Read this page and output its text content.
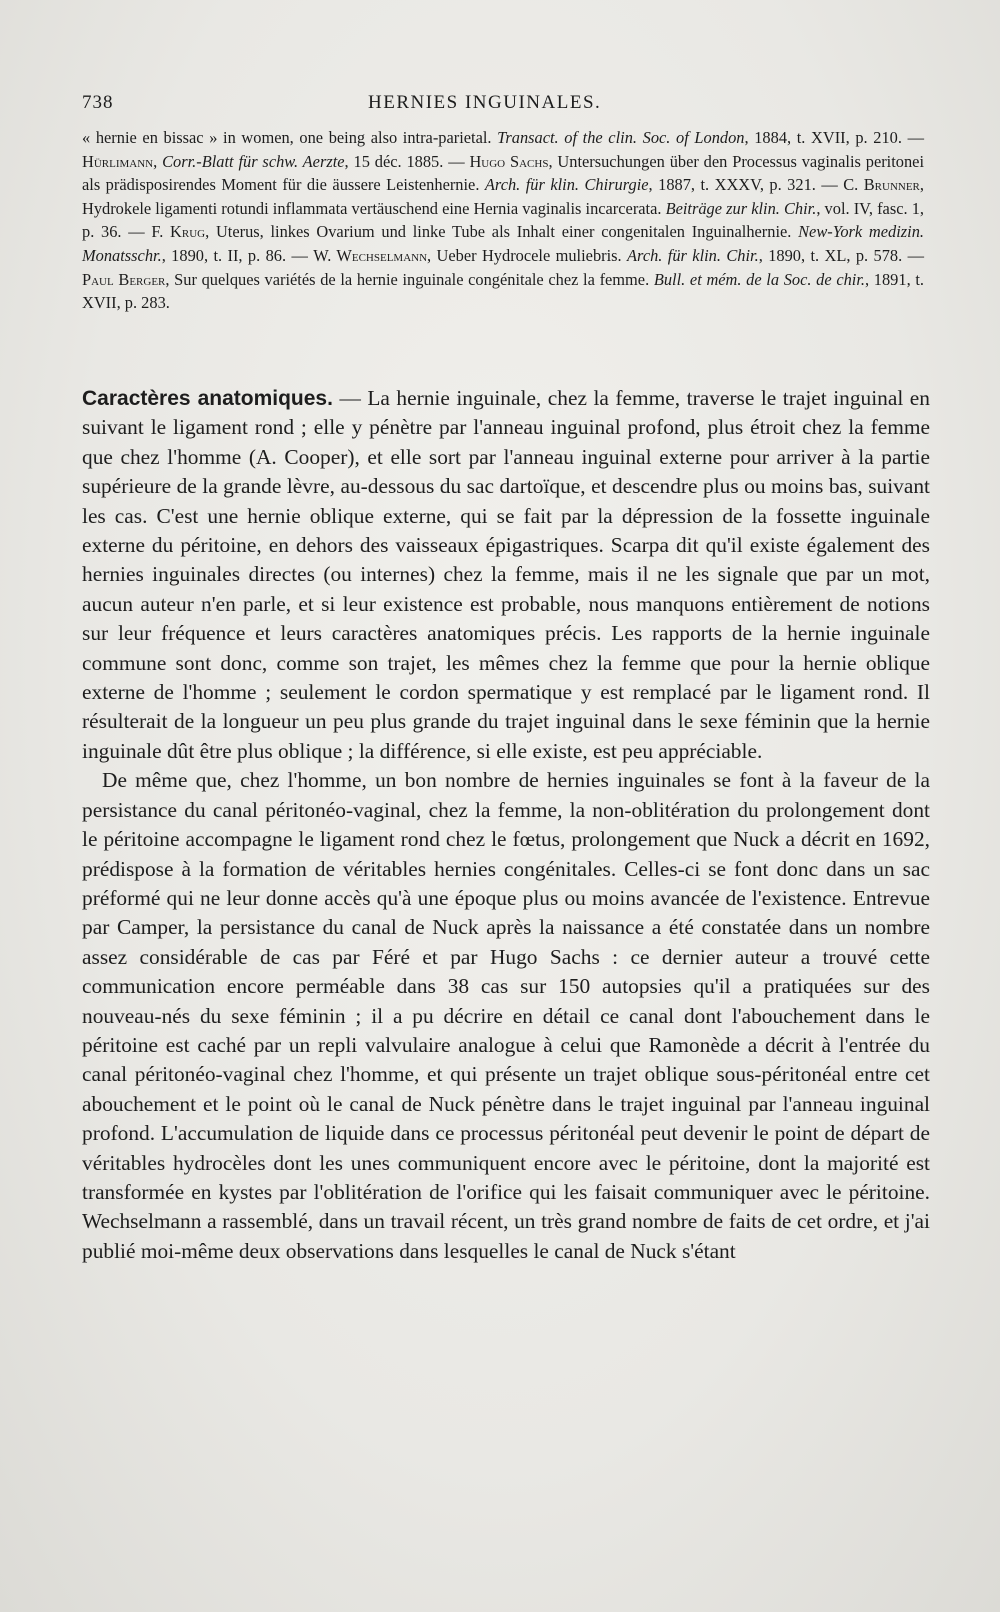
738	HERNIES INGUINALES.

« hernie en bissac » in women, one being also intra-parietal. Transact. of the clin. Soc. of London, 1884, t. XVII, p. 210. — Hürlimann, Corr.-Blatt für schw. Aerzte, 15 déc. 1885. — Hugo Sachs, Untersuchungen über den Processus vaginalis peritonei als prädisposirendes Moment für die äussere Leistenhernie. Arch. für klin. Chirurgie, 1887, t. XXXV, p. 321. — C. Brunner, Hydrokele ligamenti rotundi inflammata vertäuschend eine Hernia vaginalis incarcerata. Beiträge zur klin. Chir., vol. IV, fasc. 1, p. 36. — F. Krug, Uterus, linkes Ovarium und linke Tube als Inhalt einer congenitalen Inguinalhernie. New-York medizin. Monatsschr., 1890, t. II, p. 86. — W. Wechselmann, Ueber Hydrocele muliebris. Arch. für klin. Chir., 1890, t. XL, p. 578. — Paul Berger, Sur quelques variétés de la hernie inguinale congénitale chez la femme. Bull. et mém. de la Soc. de chir., 1891, t. XVII, p. 283.

Caractères anatomiques. — La hernie inguinale, chez la femme, traverse le trajet inguinal en suivant le ligament rond ; elle y pénètre par l'anneau inguinal profond, plus étroit chez la femme que chez l'homme (A. Cooper), et elle sort par l'anneau inguinal externe pour arriver à la partie supérieure de la grande lèvre, au-dessous du sac dartoïque, et descendre plus ou moins bas, suivant les cas. C'est une hernie oblique externe, qui se fait par la dépression de la fossette inguinale externe du péritoine, en dehors des vaisseaux épigastriques. Scarpa dit qu'il existe également des hernies inguinales directes (ou internes) chez la femme, mais il ne les signale que par un mot, aucun auteur n'en parle, et si leur existence est probable, nous manquons entièrement de notions sur leur fréquence et leurs caractères anatomiques précis. Les rapports de la hernie inguinale commune sont donc, comme son trajet, les mêmes chez la femme que pour la hernie oblique externe de l'homme ; seulement le cordon spermatique y est remplacé par le ligament rond. Il résulterait de la longueur un peu plus grande du trajet inguinal dans le sexe féminin que la hernie inguinale dût être plus oblique ; la différence, si elle existe, est peu appréciable.

De même que, chez l'homme, un bon nombre de hernies inguinales se font à la faveur de la persistance du canal péritonéo-vaginal, chez la femme, la non-oblitération du prolongement dont le péritoine accompagne le ligament rond chez le fœtus, prolongement que Nuck a décrit en 1692, prédispose à la formation de véritables hernies congénitales. Celles-ci se font donc dans un sac préformé qui ne leur donne accès qu'à une époque plus ou moins avancée de l'existence. Entrevue par Camper, la persistance du canal de Nuck après la naissance a été constatée dans un nombre assez considérable de cas par Féré et par Hugo Sachs : ce dernier auteur a trouvé cette communication encore perméable dans 38 cas sur 150 autopsies qu'il a pratiquées sur des nouveau-nés du sexe féminin ; il a pu décrire en détail ce canal dont l'abouchement dans le péritoine est caché par un repli valvulaire analogue à celui que Ramonède a décrit à l'entrée du canal péritonéo-vaginal chez l'homme, et qui présente un trajet oblique sous-péritonéal entre cet abouchement et le point où le canal de Nuck pénètre dans le trajet inguinal par l'anneau inguinal profond. L'accumulation de liquide dans ce processus péritonéal peut devenir le point de départ de véritables hydrocèles dont les unes communiquent encore avec le péritoine, dont la majorité est transformée en kystes par l'oblitération de l'orifice qui les faisait communiquer avec le péritoine. Wechselmann a rassemblé, dans un travail récent, un très grand nombre de faits de cet ordre, et j'ai publié moi-même deux observations dans lesquelles le canal de Nuck s'étant
